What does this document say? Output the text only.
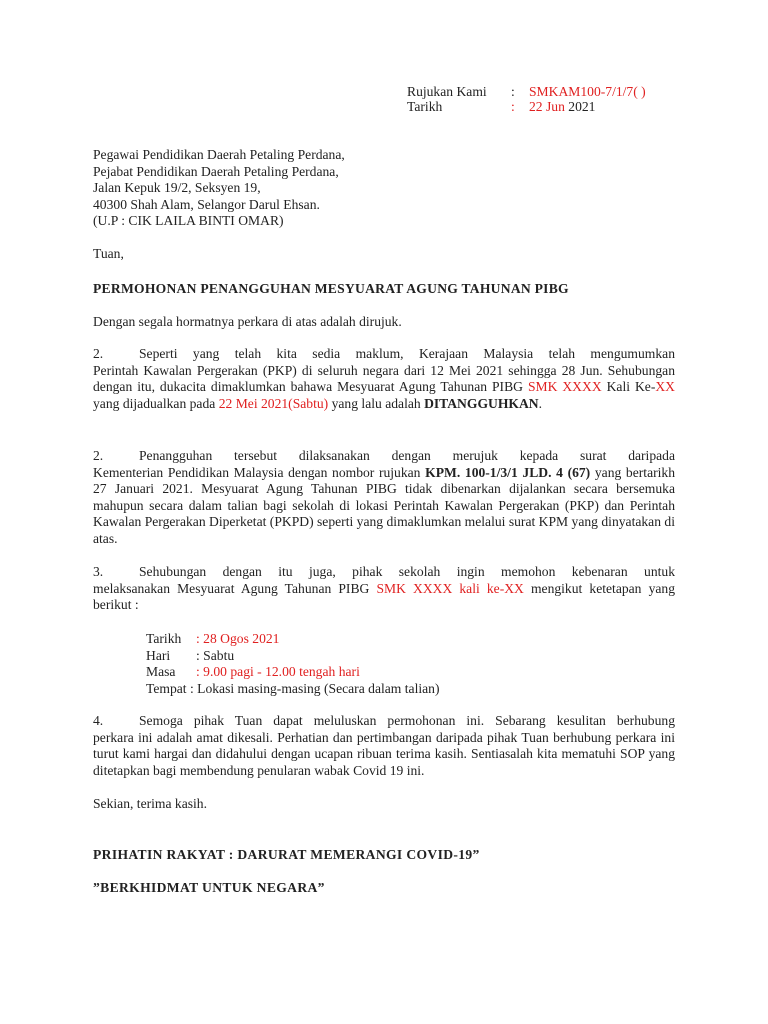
Rujukan Kami : SMKAM100-7/1/7( )
Tarikh	: 22 Jun 2021
Pegawai Pendidikan Daerah Petaling Perdana,
Pejabat Pendidikan Daerah Petaling Perdana,
Jalan Kepuk 19/2, Seksyen 19,
40300 Shah Alam, Selangor Darul Ehsan.
(U.P : CIK LAILA BINTI OMAR)
Tuan,
PERMOHONAN PENANGGUHAN MESYUARAT AGUNG TAHUNAN PIBG
Dengan segala hormatnya perkara di atas adalah dirujuk.
2.	Seperti yang telah kita sedia maklum, Kerajaan Malaysia telah mengumumkan
Perintah Kawalan Pergerakan (PKP) di seluruh negara dari 12 Mei 2021 sehingga 28 Jun. Sehubungan dengan itu, dukacita dimaklumkan bahawa Mesyuarat Agung Tahunan PIBG SMK XXXX Kali Ke-XX yang dijadualkan pada 22 Mei 2021(Sabtu) yang lalu adalah DITANGGUHKAN.
2.	Penangguhan tersebut dilaksanakan dengan merujuk kepada surat daripada
Kementerian Pendidikan Malaysia dengan nombor rujukan KPM. 100-1/3/1 JLD. 4 (67) yang bertarikh 27 Januari 2021. Mesyuarat Agung Tahunan PIBG tidak dibenarkan dijalankan secara bersemuka mahupun secara dalam talian bagi sekolah di lokasi Perintah Kawalan Pergerakan (PKP) dan Perintah Kawalan Pergerakan Diperketat (PKPD) seperti yang dimaklumkan melalui surat KPM yang dinyatakan di atas.
3.	Sehubungan dengan itu juga, pihak sekolah ingin memohon kebenaran untuk
melaksanakan Mesyuarat Agung Tahunan PIBG SMK XXXX kali ke-XX mengikut ketetapan yang berikut :
Tarikh : 28 Ogos 2021
Hari : Sabtu
Masa : 9.00 pagi - 12.00 tengah hari
Tempat : Lokasi masing-masing (Secara dalam talian)
4.	Semoga pihak Tuan dapat meluluskan permohonan ini. Sebarang kesulitan berhubung
perkara ini adalah amat dikesali. Perhatian dan pertimbangan daripada pihak Tuan berhubung perkara ini turut kami hargai dan didahului dengan ucapan ribuan terima kasih. Sentiasalah kita mematuhi SOP yang ditetapkan bagi membendung penularan wabak Covid 19 ini.
Sekian, terima kasih.
PRIHATIN RAKYAT : DARURAT MEMERANGI COVID-19”
”BERKHIDMAT UNTUK NEGARA”
